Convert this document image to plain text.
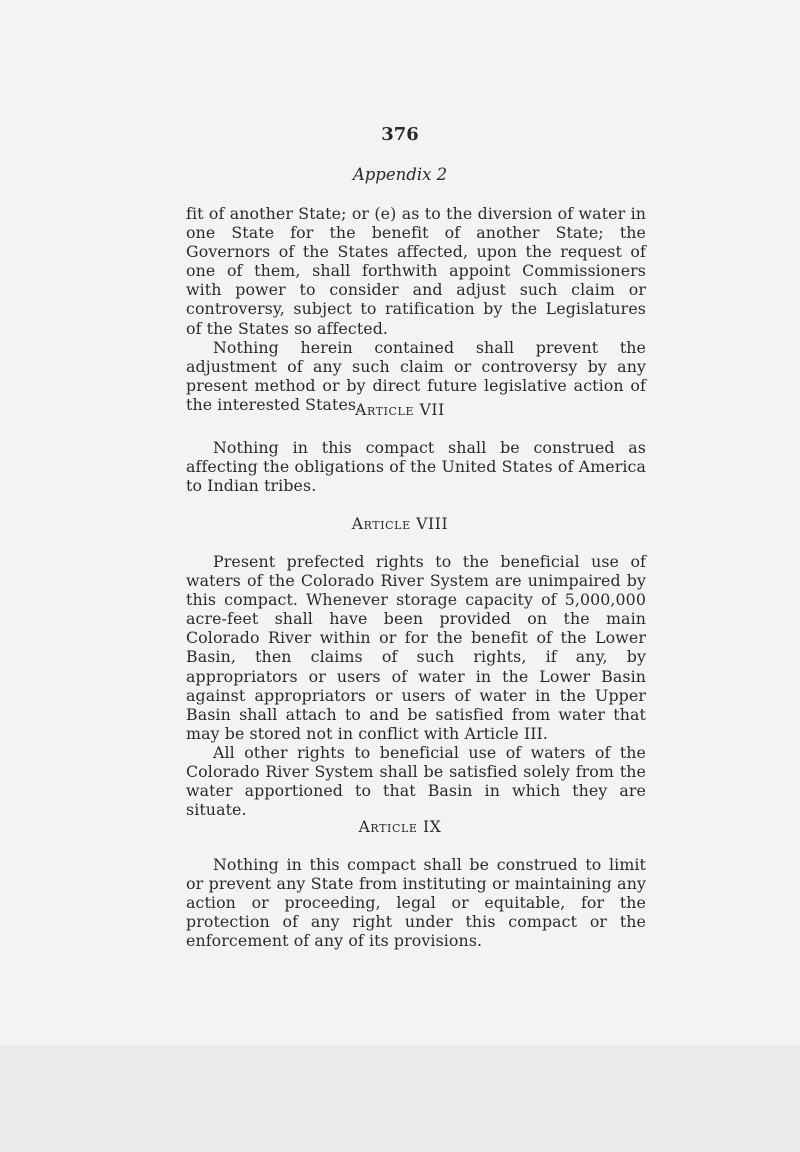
376
Appendix 2

fit of another State; or (e) as to the diversion of water in one State for the benefit of another State; the Governors of the States affected, upon the request of one of them, shall forthwith appoint Commissioners with power to consider and adjust such claim or controversy, subject to ratification by the Legislatures of the States so affected.

Nothing herein contained shall prevent the adjustment of any such claim or controversy by any present method or by direct future legislative action of the interested States.

Article VII

Nothing in this compact shall be construed as affecting the obligations of the United States of America to Indian tribes.

Article VIII

Present prefected rights to the beneficial use of waters of the Colorado River System are unimpaired by this compact. Whenever storage capacity of 5,000,000 acre-feet shall have been provided on the main Colorado River within or for the benefit of the Lower Basin, then claims of such rights, if any, by appropriators or users of water in the Lower Basin against appropriators or users of water in the Upper Basin shall attach to and be satisfied from water that may be stored not in conflict with Article III.

All other rights to beneficial use of waters of the Colorado River System shall be satisfied solely from the water apportioned to that Basin in which they are situate.

Article IX

Nothing in this compact shall be construed to limit or prevent any State from instituting or maintaining any action or proceeding, legal or equitable, for the protection of any right under this compact or the enforcement of any of its provisions.
